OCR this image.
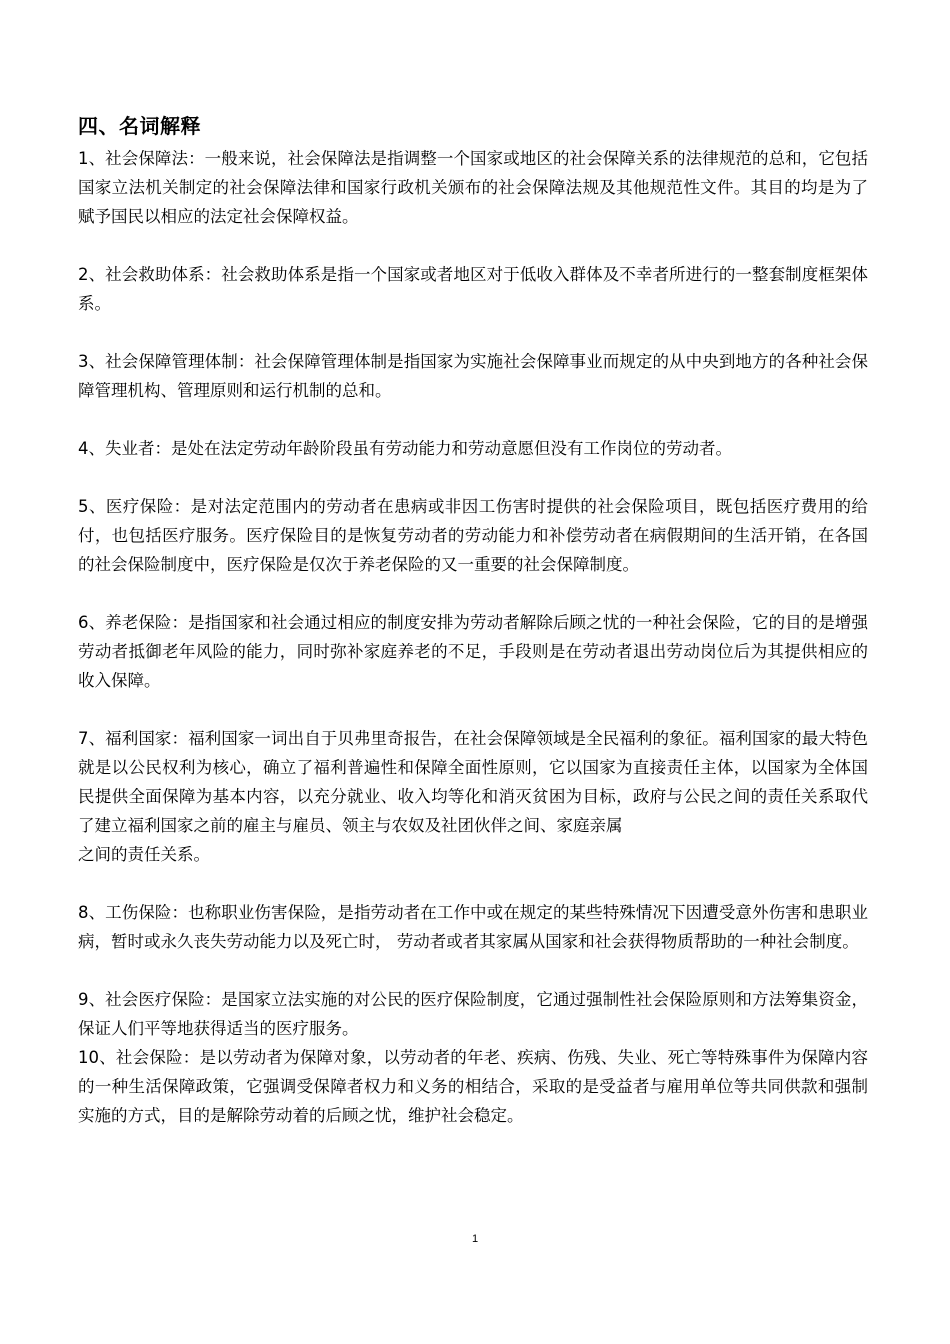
四、名词解释

1、社会保障法：一般来说，社会保障法是指调整一个国家或地区的社会保障关系的法律规范的总和，它包括国家立法机关制定的社会保障法律和国家行政机关颁布的社会保障法规及其他规范性文件。其目的均是为了赋予国民以相应的法定社会保障权益。

2、社会救助体系：社会救助体系是指一个国家或者地区对于低收入群体及不幸者所进行的一整套制度框架体系。

3、社会保障管理体制：社会保障管理体制是指国家为实施社会保障事业而规定的从中央到地方的各种社会保障管理机构、管理原则和运行机制的总和。

4、失业者：是处在法定劳动年龄阶段虽有劳动能力和劳动意愿但没有工作岗位的劳动者。

5、医疗保险：是对法定范围内的劳动者在患病或非因工伤害时提供的社会保险项目，既包括医疗费用的给付，也包括医疗服务。医疗保险目的是恢复劳动者的劳动能力和补偿劳动者在病假期间的生活开销，在各国的社会保险制度中，医疗保险是仅次于养老保险的又一重要的社会保障制度。

6、养老保险：是指国家和社会通过相应的制度安排为劳动者解除后顾之忧的一种社会保险，它的目的是增强劳动者抵御老年风险的能力，同时弥补家庭养老的不足，手段则是在劳动者退出劳动岗位后为其提供相应的收入保障。

7、福利国家：福利国家一词出自于贝弗里奇报告，在社会保障领域是全民福利的象征。福利国家的最大特色就是以公民权利为核心，确立了福利普遍性和保障全面性原则，它以国家为直接责任主体，以国家为全体国民提供全面保障为基本内容，以充分就业、收入均等化和消灭贫困为目标，政府与公民之间的责任关系取代了建立福利国家之前的雇主与雇员、领主与农奴及社团伙伴之间、家庭亲属
之间的责任关系。

8、工伤保险：也称职业伤害保险，是指劳动者在工作中或在规定的某些特殊情况下因遭受意外伤害和患职业病，暂时或永久丧失劳动能力以及死亡时， 劳动者或者其家属从国家和社会获得物质帮助的一种社会制度。

9、社会医疗保险：是国家立法实施的对公民的医疗保险制度，它通过强制性社会保险原则和方法筹集资金，保证人们平等地获得适当的医疗服务。

10、社会保险：是以劳动者为保障对象，以劳动者的年老、疾病、伤残、失业、死亡等特殊事件为保障内容的一种生活保障政策，它强调受保障者权力和义务的相结合，采取的是受益者与雇用单位等共同供款和强制实施的方式，目的是解除劳动着的后顾之忧，维护社会稳定。

1
